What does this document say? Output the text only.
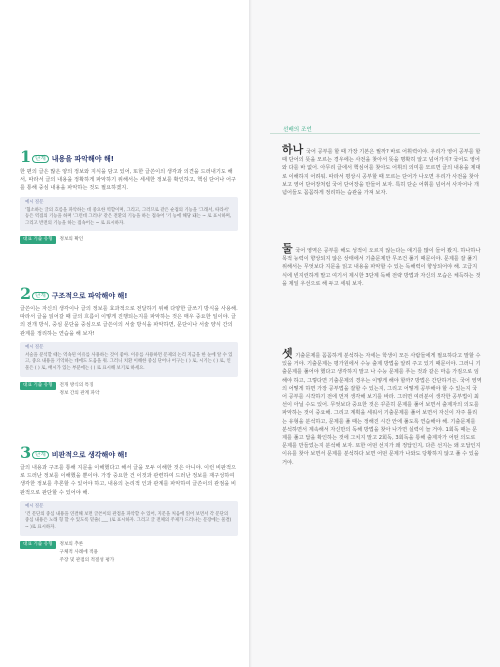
1 단계 내용을 파악해야 해!

한 편의 글은 많은 양의 정보와 지식을 담고 있어, 또한 글쓴이의 생각과 의견을 드러내기도 해서, 따라서 글의 내용을 정확하게 파악하기 위해서는 세세한 정보를 확인하고, 핵심 단어나 어구를 통해 중심 내용을 파악하는 것도 필요하겠지.

예시 질문
'협소하는 글의 흐름을 파악하는 데 중요한 역할이며, 그리고, 그러므로 같은 순접의 기능을 '그래서, 따라서' 등은 역접의 기능을 하며 '그런데 그러나' 같은 전환의 기능을 하는 접속어 '기 능에 해당 돼는 ~ 로 표시하며, 그리고 반전의 기능을 하는 접속어는 ~ 로 표시하자.
대표 기출 유형	정보의 확인
2 단계 구조적으로 파악해야 해!

글쓴이는 자신의 생각이나 글의 정보를 효과적으로 전달하기 위해 다양한 글쓰기 방식을 사용해. 따라서 글을 읽어갈 때 글의 흐름이 이떻게 진행되는지를 파악하는 것은 매우 중요한 일이야. 글의 전개 방식, 중심 문단을 중심으로 글쓴이의 서술 방식을 파악하면, 문단이나 서술 양식 간의 관계를 정리하는 연습을 해 보자!

예시 질문
서술을 분석할 때는 역속된 이유를 사용하는 것이 좋아. 이유를 사용하면 문제의 논리 지금을 한 눈에 알 수 있고, 중요 내용을 기억하는 데에도 도움을 줘. 그러니 치환 이해한 중심 단어나 어구는 ( ) 로, 시기는 ( ) 로, 인물은 ( ) 로, 배시가 있는 부분에는 ( ) 로 표시해 보기로 하세요.
대표 기출 유형	전개 방식의 특징
정보 간의 관계 파악
3 단계 비판적으로 생각해야 해!

글의 내용과 구조를 통해 지문을 이해했다고 해서 글을 모두 이해한 것은 아니야. 이런 비판적으로 드러난 정보를 이해했을 뿐이야. 가장 중요한 건 이것과 관련하여 드러난 정보를 재구성하여 생각한 정보를 추론할 수 있어야 하고, 내용의 논리적 인과 관계를 파악하여 글쓴이의 관점을 비판적으로 판단할 수 있어야 해.

예시 질문
'건 문단의 중심 내용을 연결해 보면 글쓴이의 관점을 파악할 수 있어, 지문을 처음에 읽어 보면서 각 문단의 중심 내용은 노래 형 할 수 있도록 밑줄( ___ )로 표시하자. 그리고 글 전체의 주제가 드러나는 문장에는 물결( ~ )로 표시하자.
대표 기출 유형	정보의 추론
구체적 사례에 적용
주장 및 관점의 적절성 평가
선배의 조언

하나 국어 공부를 할 때 가장 기본은 뭘까? 바로 어휘력이야. 우리가 영어 공부를 할 때 단어의 뜻을 모르는 경우에는 사전을 찾아서 뜻을 명확히 알고 넘어가지? 국어도 영어와 다를 바 없어. 아무리 글에서 핵심어를 찾아도 어휘의 의미를 모르면 글의 내용을 제대로 이해하지 어려워. 따라서 평상시 공부할 때 모르는 단어가 나오면 우리가 사전을 찾아보고 영어 단어장처럼 국어 단어장을 만들어 보자. 특히 단순 어휘를 넘어서 사자어나 개념어들도 꼼꼼하게 정리하는 습관을 가져 보자.

둘 국어 영역은 공부를 해도 성적이 오르지 않는다는 얘기를 많이 들어 봤지. 하나하나 목적 능력이 향상되지 않은 상태에서 기출문제만 무조건 풀기 때문이야. 문제를 잘 풀기 위해서는 무엇보다 지문을 읽고 내용을 파악할 수 있는 독해력이 향상되어야 해. 고급지식에 빈지런하게 말고 여기서 제시한 3단계 독해 전략 방법과 자신의 모습은 체득하는 것을 제일 우선으로 해 두고 세워 보자.

셋 기출문제를 꼼꼼하게 분석하는 자세는 학생이 모든 사람들에게 필요하다고 말할 수 있을 거야. 기출문제는 평가원에서 수능 출제 방법을 알려 주고 있기 때문이야. 그러니 기출문제를 풀어야 했다고 생각하지 말고 나 수능 문제를 푸는 것과 같은 마음 가짐으로 임해야 하고, 그렇다면 기출문제의 경우는 이떻게 해야 할까? 방법은 간단하거든. 국어 영역의 어떻게 하면 가장 공부법을 잘할 수 있는지, 그리고 어떻게 공부해야 할 수 있는지 국어 공부를 시작하기 전에 먼저 생각해 보기를 바라. 그러면 여러분이 생각한 공부법이 최선이 아닐 수도 있어. 무엇보다 중요한 것은 꾸준히 문제를 풀어 보면서 출제자의 의도를 파악하는 것이 중요해. 그리고 계획을 세워서 기출문제를 풀어 보면서 자신이 자주 틀리는 유형을 분석하고, 문제를 풀 때는 정해진 시간 안에 풀도록 연습해야 해. 기출문제를 분석하면서 계속해서 자신만의 독해 방법을 찾아 나가면 실력이 늘 거야. 1회독 때는 문제를 풀고 답을 확인하는 것에 그치지 말고 2회독, 3회독을 통해 출제자가 어떤 의도로 문제를 만들었는지 분석해 보자. 또한 어떤 선지가 왜 정답인지, 다른 선지는 왜 오답인지 이유를 찾아 보면서 문제를 분석하다 보면 어떤 문제가 나와도 당황하지 않고 풀 수 있을 거야.
